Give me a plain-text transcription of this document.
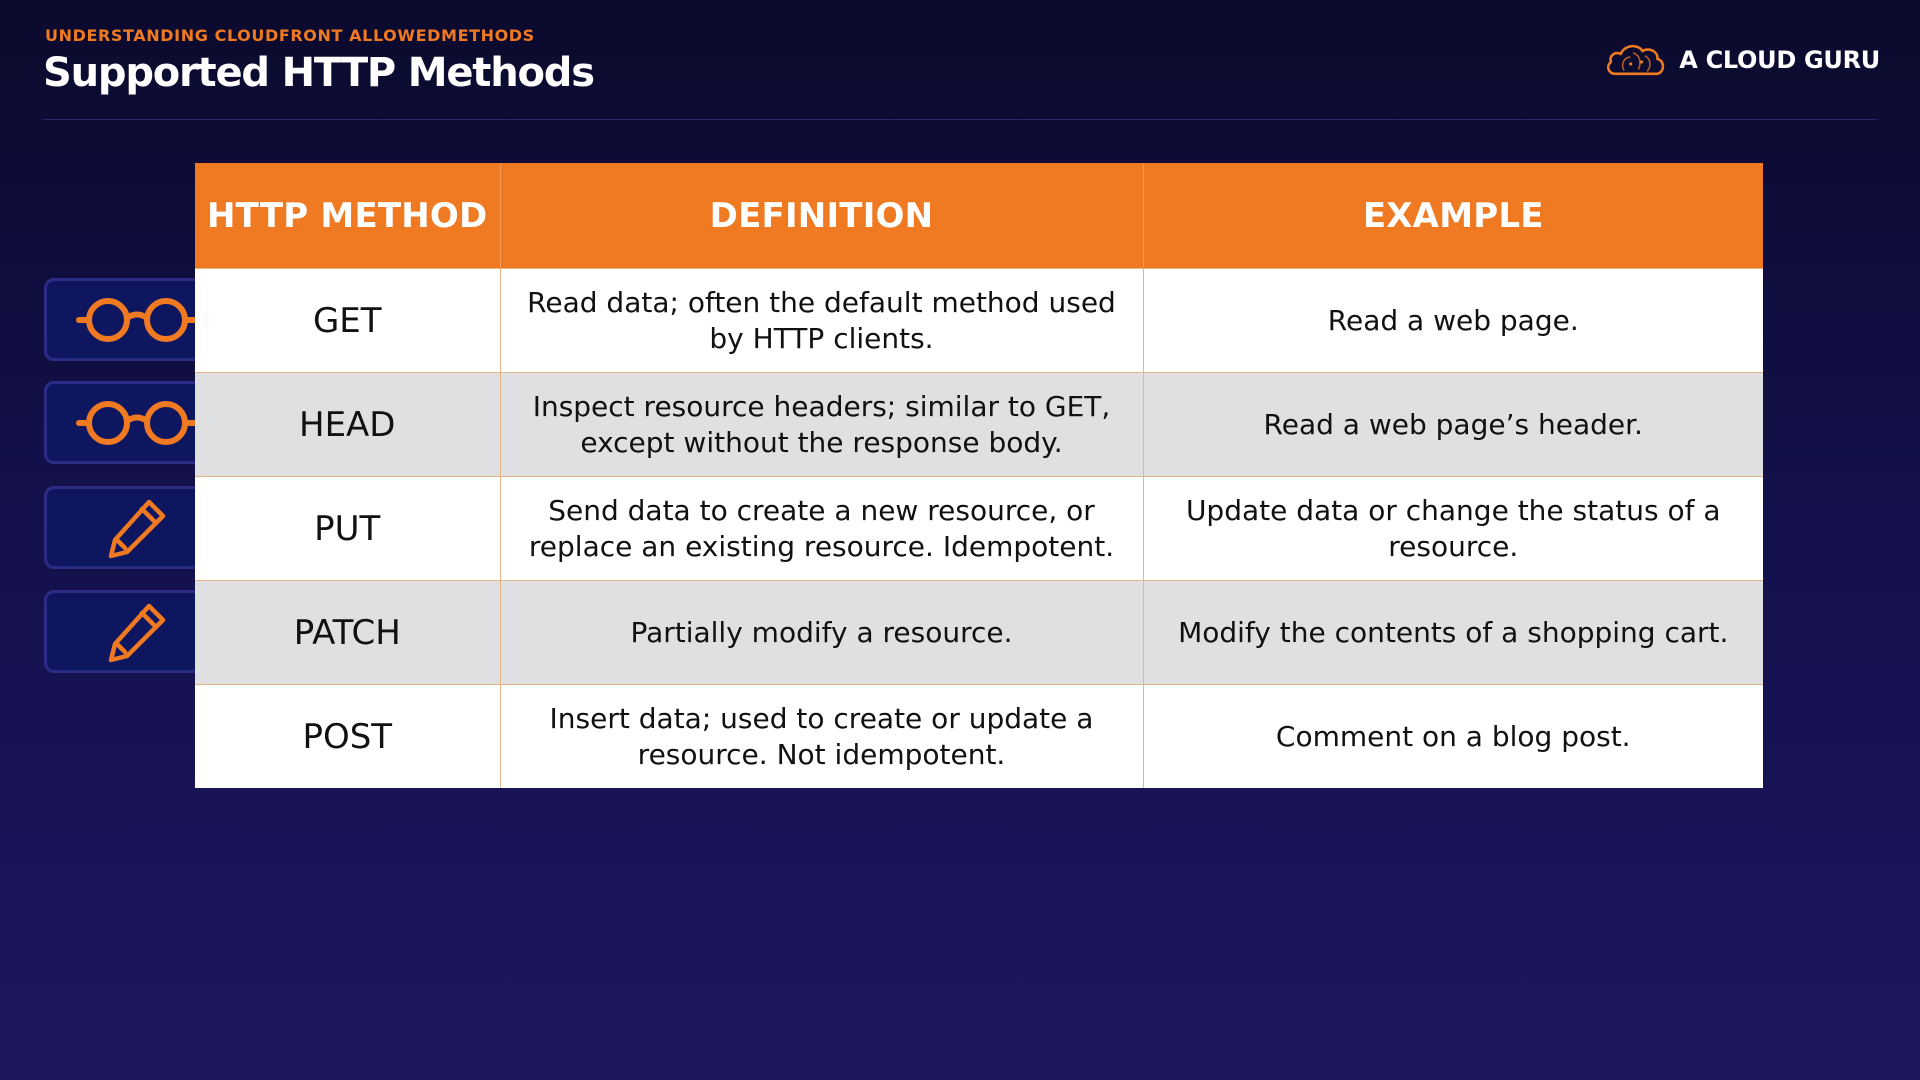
UNDERSTANDING CLOUDFRONT ALLOWEDMETHODS
Supported HTTP Methods	A CLOUD GURU
HTTP METHOD	DEFINITION	EXAMPLE
GET	Read data; often the default method used by HTTP clients.	Read a web page.
HEAD	Inspect resource headers; similar to GET, except without the response body.	Read a web page’s header.
PUT	Send data to create a new resource, or replace an existing resource. Idempotent.	Update data or change the status of a resource.
PATCH	Partially modify a resource.	Modify the contents of a shopping cart.
POST	Insert data; used to create or update a resource. Not idempotent.	Comment on a blog post.
